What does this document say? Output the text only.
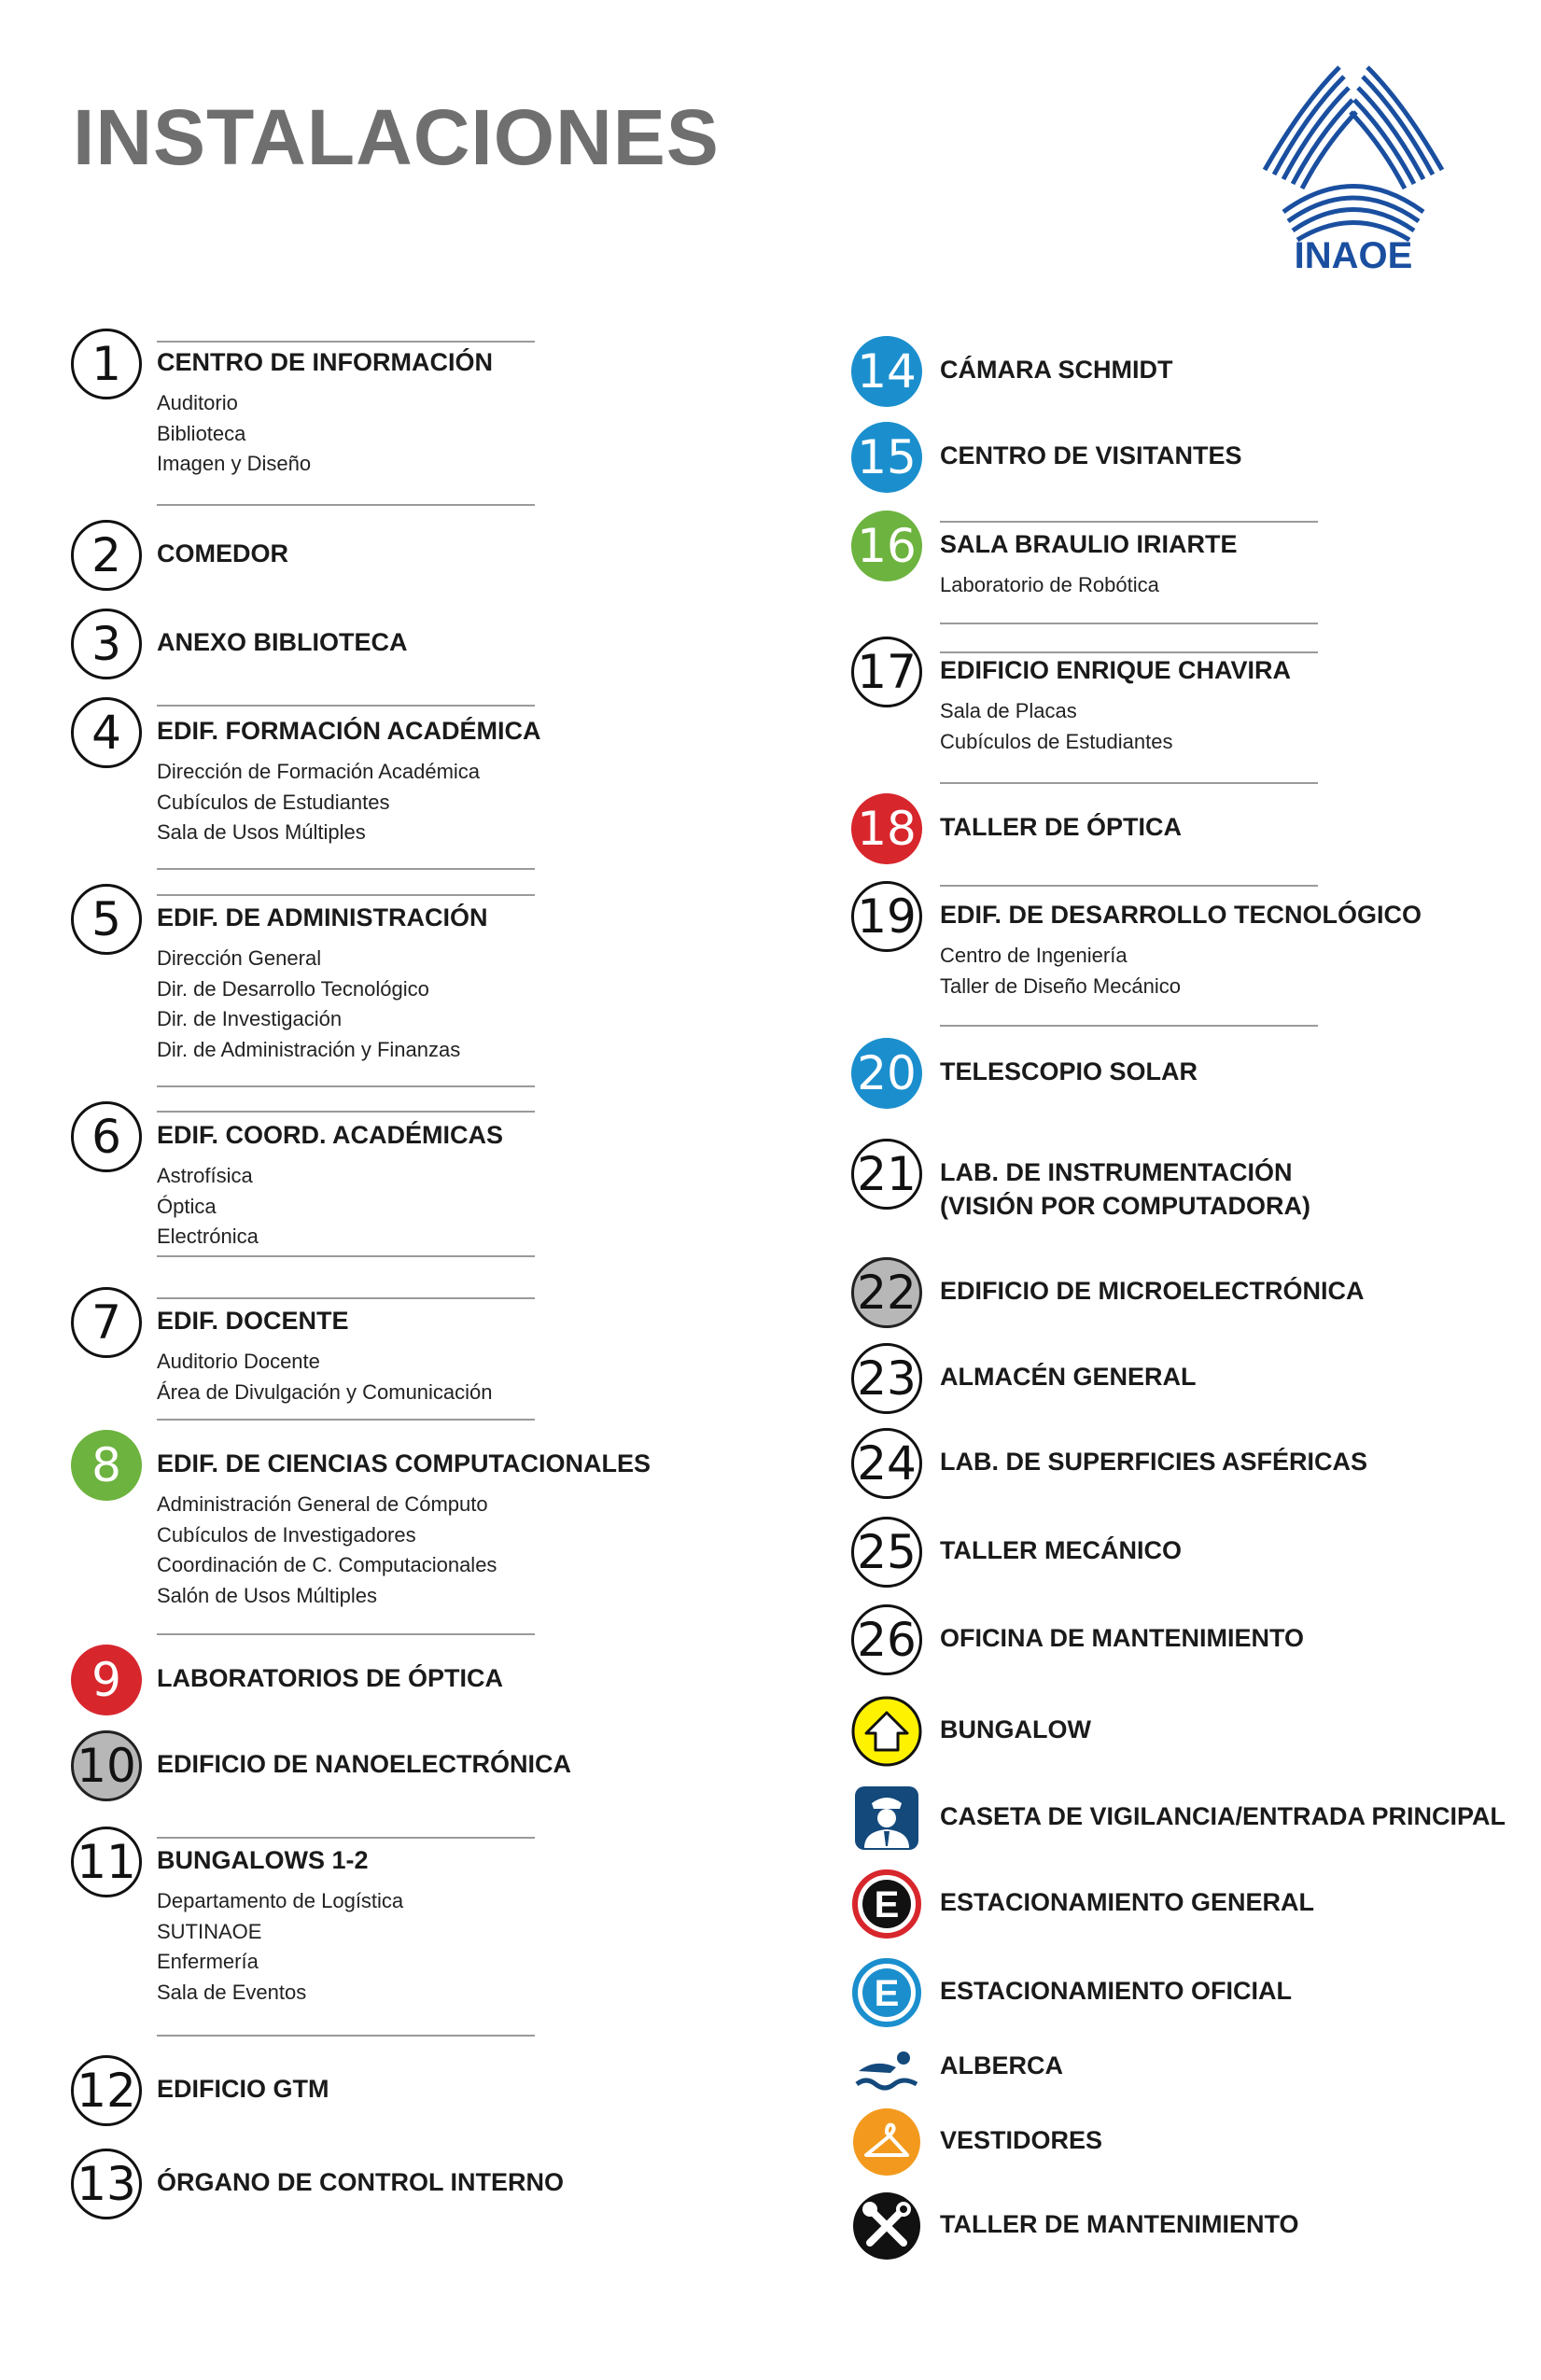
INSTALACIONES
INAOE
1	CENTRO DE INFORMACIÓN
Auditorio
Biblioteca
Imagen y Diseño
2	COMEDOR
3	ANEXO BIBLIOTECA
4	EDIF. FORMACIÓN ACADÉMICA
Dirección de Formación Académica
Cubículos de Estudiantes
Sala de Usos Múltiples
5	EDIF. DE ADMINISTRACIÓN
Dirección General
Dir. de Desarrollo Tecnológico
Dir. de Investigación
Dir. de Administración y Finanzas
6	EDIF. COORD. ACADÉMICAS
Astrofísica
Óptica
Electrónica
7	EDIF. DOCENTE
Auditorio Docente
Área de Divulgación y Comunicación
8	EDIF. DE CIENCIAS COMPUTACIONALES
Administración General de Cómputo
Cubículos de Investigadores
Coordinación de C. Computacionales
Salón de Usos Múltiples
9	LABORATORIOS DE ÓPTICA
10 EDIFICIO DE NANOELECTRÓNICA
11 BUNGALOWS 1-2
Departamento de Logística
SUTINAOE
Enfermería
Sala de Eventos
12 EDIFICIO GTM
13 ÓRGANO DE CONTROL INTERNO
14 CÁMARA SCHMIDT
15 CENTRO DE VISITANTES
16 SALA BRAULIO IRIARTE
Laboratorio de Robótica
17 EDIFICIO ENRIQUE CHAVIRA
Sala de Placas
Cubículos de Estudiantes
18 TALLER DE ÓPTICA
19 EDIF. DE DESARROLLO TECNOLÓGICO
Centro de Ingeniería
Taller de Diseño Mecánico
20 TELESCOPIO SOLAR
21 LAB. DE INSTRUMENTACIÓN
(VISIÓN POR COMPUTADORA)
22 EDIFICIO DE MICROELECTRÓNICA
23 ALMACÉN GENERAL
24 LAB. DE SUPERFICIES ASFÉRICAS
25 TALLER MECÁNICO
26 OFICINA DE MANTENIMIENTO
BUNGALOW
CASETA DE VIGILANCIA/ENTRADA PRINCIPAL
E ESTACIONAMIENTO GENERAL
E ESTACIONAMIENTO OFICIAL
ALBERCA
VESTIDORES
TALLER DE MANTENIMIENTO
